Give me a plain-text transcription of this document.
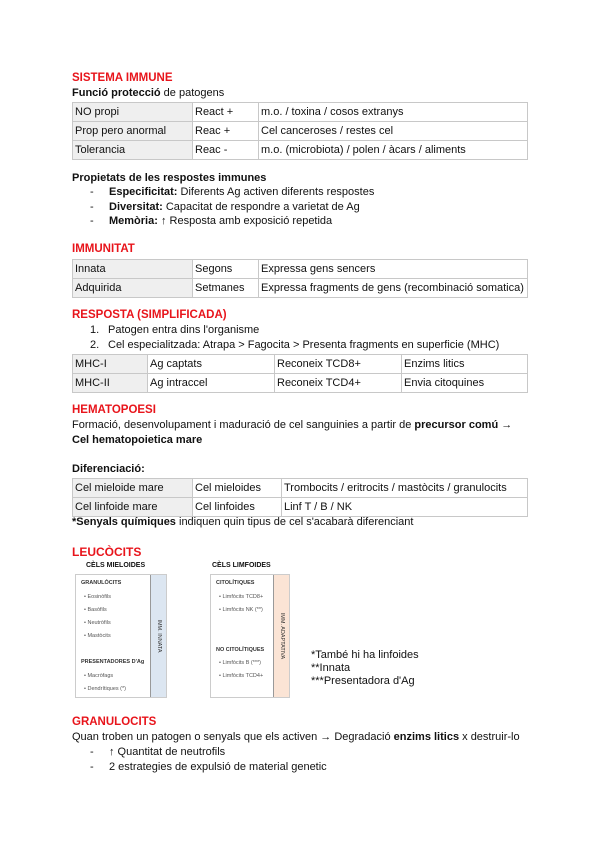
SISTEMA IMMUNE
Funció protecció de patogens
NO propi	React +	m.o. / toxina / cosos extranys
Prop pero anormal	Reac +	Cel canceroses / restes cel
Tolerancia	Reac -	m.o. (microbiota) / polen / àcars / aliments
Propietats de les respostes immunes
- Especificitat: Diferents Ag activen diferents respostes
- Diversitat: Capacitat de respondre a varietat de Ag
- Memòria: ↑ Resposta amb exposició repetida
IMMUNITAT
Innata	Segons	Expressa gens sencers
Adquirida	Setmanes	Expressa fragments de gens (recombinació somatica)
RESPOSTA (SIMPLIFICADA)
1. Patogen entra dins l'organisme
2. Cel especialitzada: Atrapa > Fagocita > Presenta fragments en superficie (MHC)
MHC-I	Ag captats	Reconeix TCD8+	Enzims litics
MHC-II	Ag intraccel	Reconeix TCD4+	Envia citoquines
HEMATOPOESI
Formació, desenvolupament i maduració de cel sanguinies a partir de precursor comú →
Cel hematopoietica mare
Diferenciació:
Cel mieloide mare	Cel mieloides	Trombocits / eritrocits / mastòcits / granulocits
Cel linfoide mare	Cel linfoides	Linf T / B / NK
*Senyals químiques indiquen quin tipus de cel s'acabarà diferenciant
LEUCÒCITS
CÈLS MIELOIDES	CÈLS LIMFOIDES
GRANULÒCITS
• Eosinòfils
• Basòfils
• Neutròfils
• Mastòcits
PRESENTADORES D'Ag
• Macròfags
• Dendrítiques (*)
IMM. INNATA
CITOLÍTIQUES
• Limfòcits TCD8+
• Limfòcits NK (**)
NO CITOLÍTIQUES
• Limfòcits B (***)
• Limfòcits TCD4+
IMM. ADAPTATIVA *També hi ha linfoides
**Innata
***Presentadora d'Ag
GRANULOCITS
Quan troben un patogen o senyals que els activen → Degradació enzims litics x destruir-lo
- ↑ Quantitat de neutrofils
- 2 estrategies de expulsió de material genetic
